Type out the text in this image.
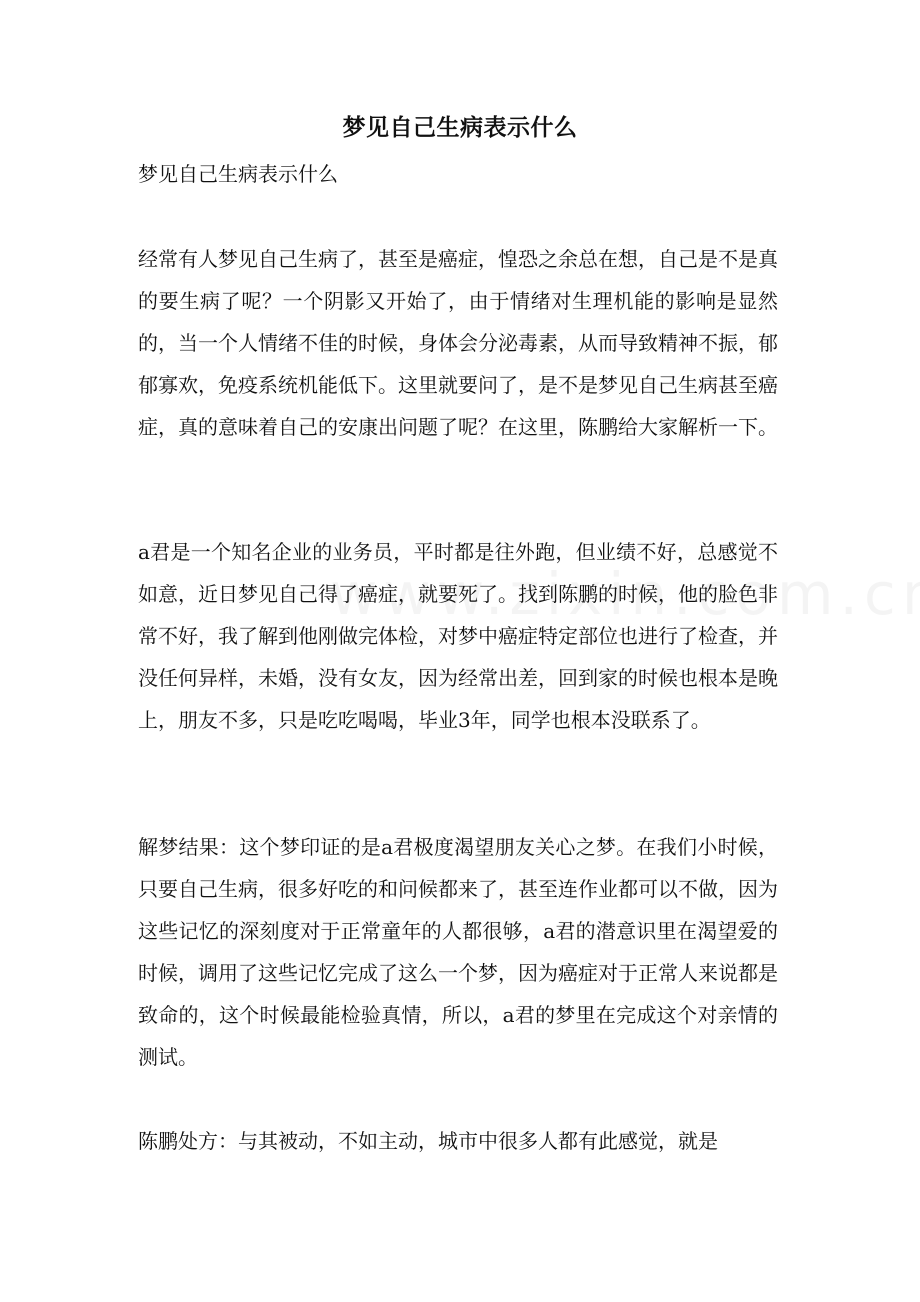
梦见自己生病表示什么
梦见自己生病表示什么

经常有人梦见自己生病了，甚至是癌症，惶恐之余总在想，自己是不是真的要生病了呢？一个阴影又开始了，由于情绪对生理机能的影响是显然的，当一个人情绪不佳的时候，身体会分泌毒素，从而导致精神不振，郁郁寡欢，免疫系统机能低下。这里就要问了，是不是梦见自己生病甚至癌症，真的意味着自己的安康出问题了呢？在这里，陈鹏给大家解析一下。

a君是一个知名企业的业务员，平时都是往外跑，但业绩不好，总感觉不如意，近日梦见自己得了癌症，就要死了。找到陈鹏的时候，他的脸色非常不好，我了解到他刚做完体检，对梦中癌症特定部位也进行了检查，并没任何异样，未婚，没有女友，因为经常出差，回到家的时候也根本是晚上，朋友不多，只是吃吃喝喝，毕业3年，同学也根本没联系了。

解梦结果：这个梦印证的是a君极度渴望朋友关心之梦。在我们小时候，只要自己生病，很多好吃的和问候都来了，甚至连作业都可以不做，因为这些记忆的深刻度对于正常童年的人都很够，a君的潜意识里在渴望爱的时候，调用了这些记忆完成了这么一个梦，因为癌症对于正常人来说都是致命的，这个时候最能检验真情，所以，a君的梦里在完成这个对亲情的测试。

陈鹏处方：与其被动，不如主动，城市中很多人都有此感觉，就是
